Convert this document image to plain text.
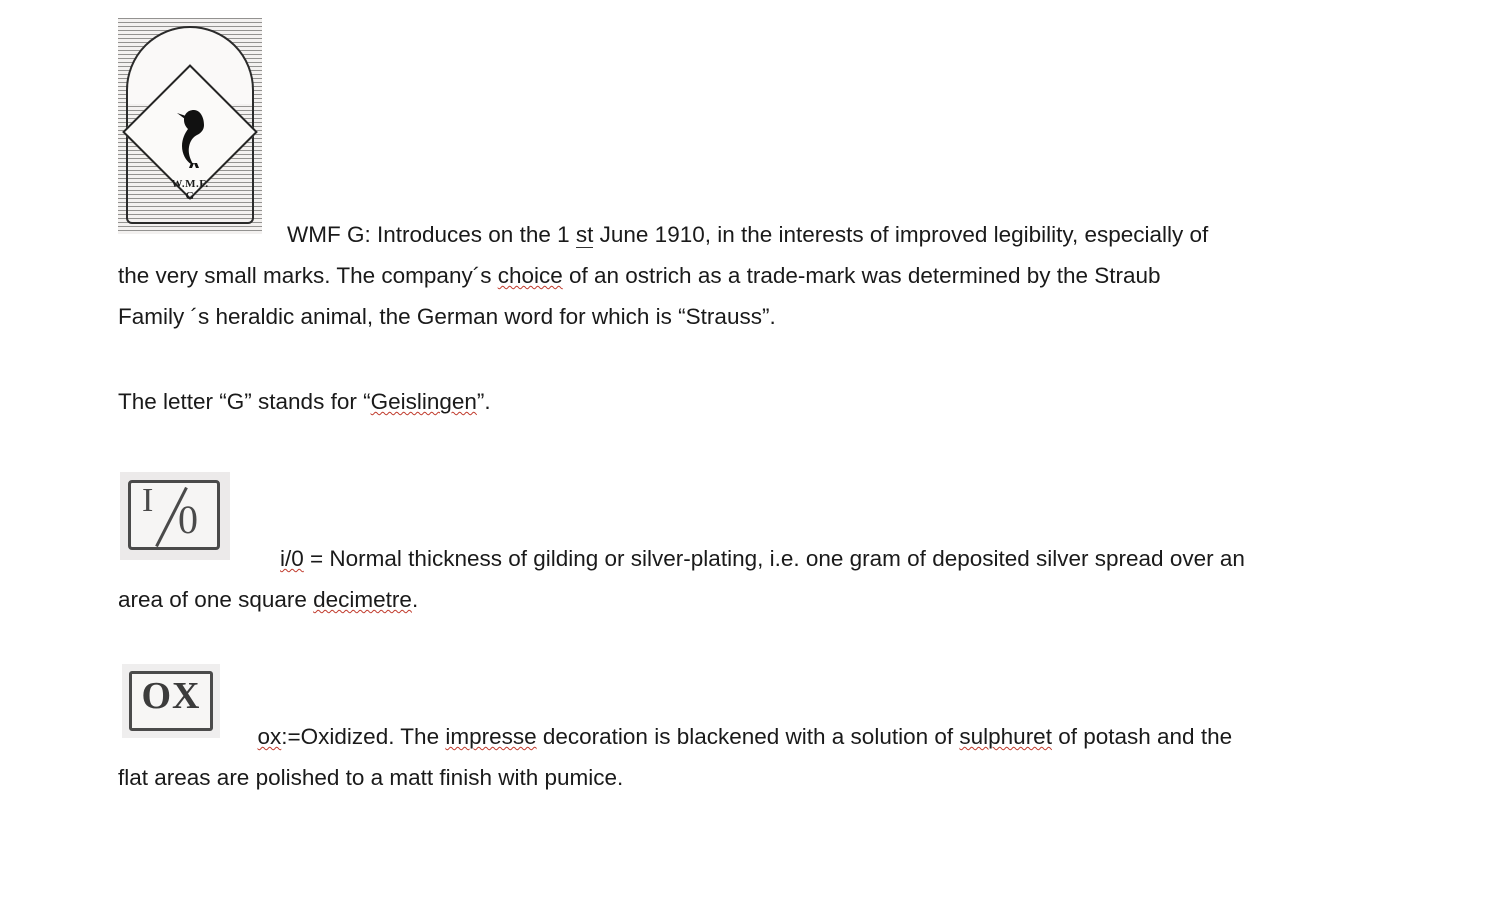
W.M.F.
G
WMF G: Introduces on the 1 st June 1910, in the interests of improved legibility, especially of
the very small marks. The company´s choice of an ostrich as a trade-mark was determined by the Straub
Family ´s heraldic animal, the German word for which is “Strauss”.
The letter “G” stands for “Geislingen”.
I 0
i/0 = Normal thickness of gilding or silver-plating, i.e. one gram of deposited silver spread over an
area of one square decimetre.
OX
ox:=Oxidized. The impresse decoration is blackened with a solution of sulphuret of potash and the
flat areas are polished to a matt finish with pumice.
